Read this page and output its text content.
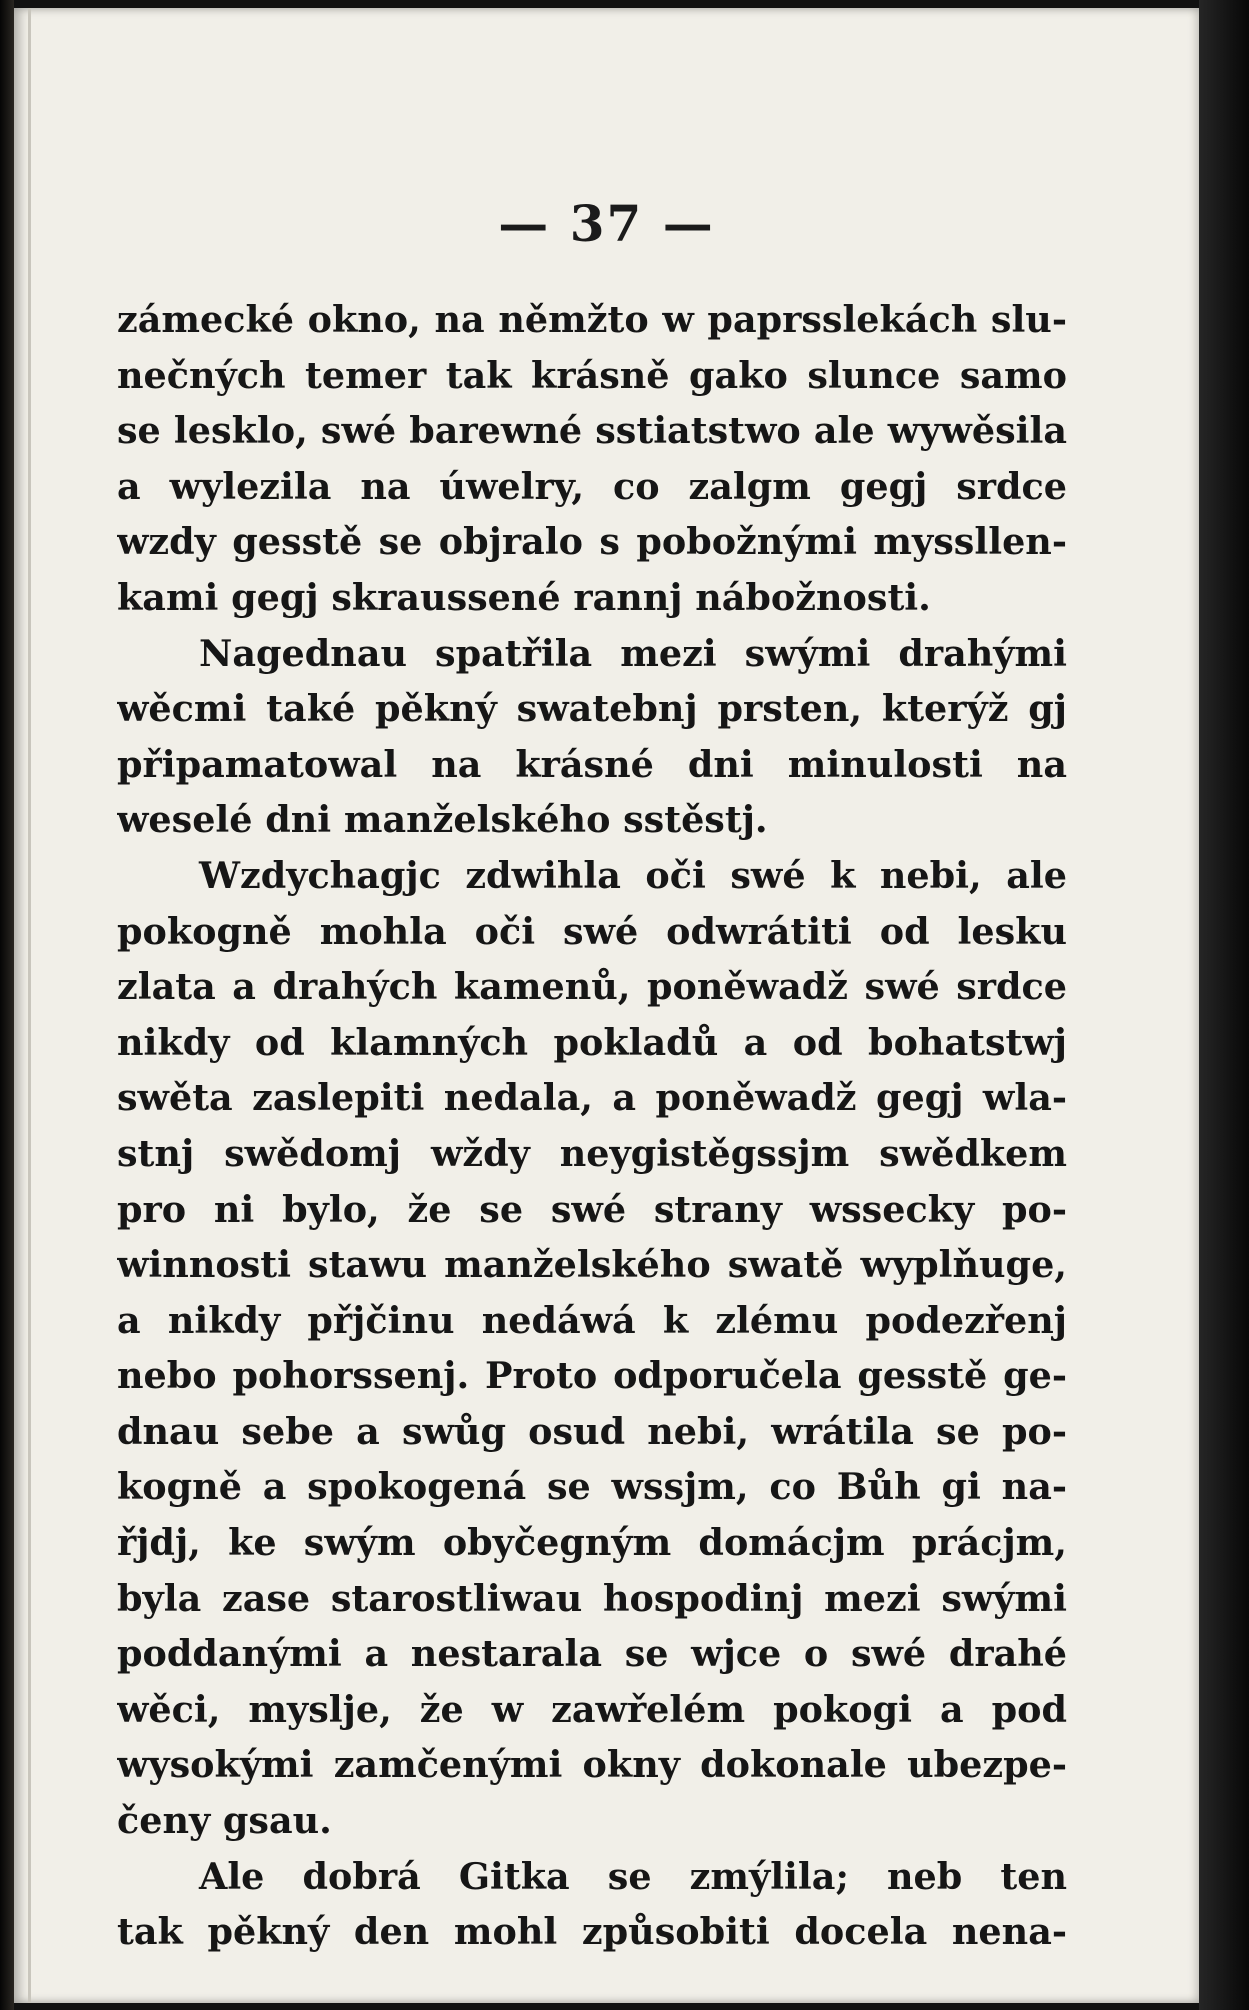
— 37 —
zámecké okno, na němžto w paprsslekách slu-
nečných temer tak krásně gako slunce samo
se lesklo, swé barewné sstiatstwo ale wywěsila
a wylezila na úwelry, co zalgm gegj srdce
wzdy gesstě se objralo s pobožnými myssllen-
kami gegj skraussené rannj nábožnosti.
Nagednau spatřila mezi swými drahými
wěcmi také pěkný swatebnj prsten, kterýž gj
připamatowal na krásné dni minulosti na
weselé dni manželského sstěstj.
Wzdychagjc zdwihla oči swé k nebi, ale
pokogně mohla oči swé odwrátiti od lesku
zlata a drahých kamenů, poněwadž swé srdce
nikdy od klamných pokladů a od bohatstwj
swěta zaslepiti nedala, a poněwadž gegj wla-
stnj swědomj wždy neygistěgssjm swědkem
pro ni bylo, že se swé strany wssecky po-
winnosti stawu manželského swatě wyplňuge,
a nikdy přjčinu nedáwá k zlému podezřenj
nebo pohorssenj. Proto odporučela gesstě ge-
dnau sebe a swůg osud nebi, wrátila se po-
kogně a spokogená se wssjm, co Bůh gi na-
řjdj, ke swým obyčegným domácjm prácjm,
byla zase starostliwau hospodinj mezi swými
poddanými a nestarala se wjce o swé drahé
wěci, myslje, že w zawřelém pokogi a pod
wysokými zamčenými okny dokonale ubezpe-
čeny gsau.
Ale dobrá Gitka se zmýlila; neb ten
tak pěkný den mohl způsobiti docela nena-
